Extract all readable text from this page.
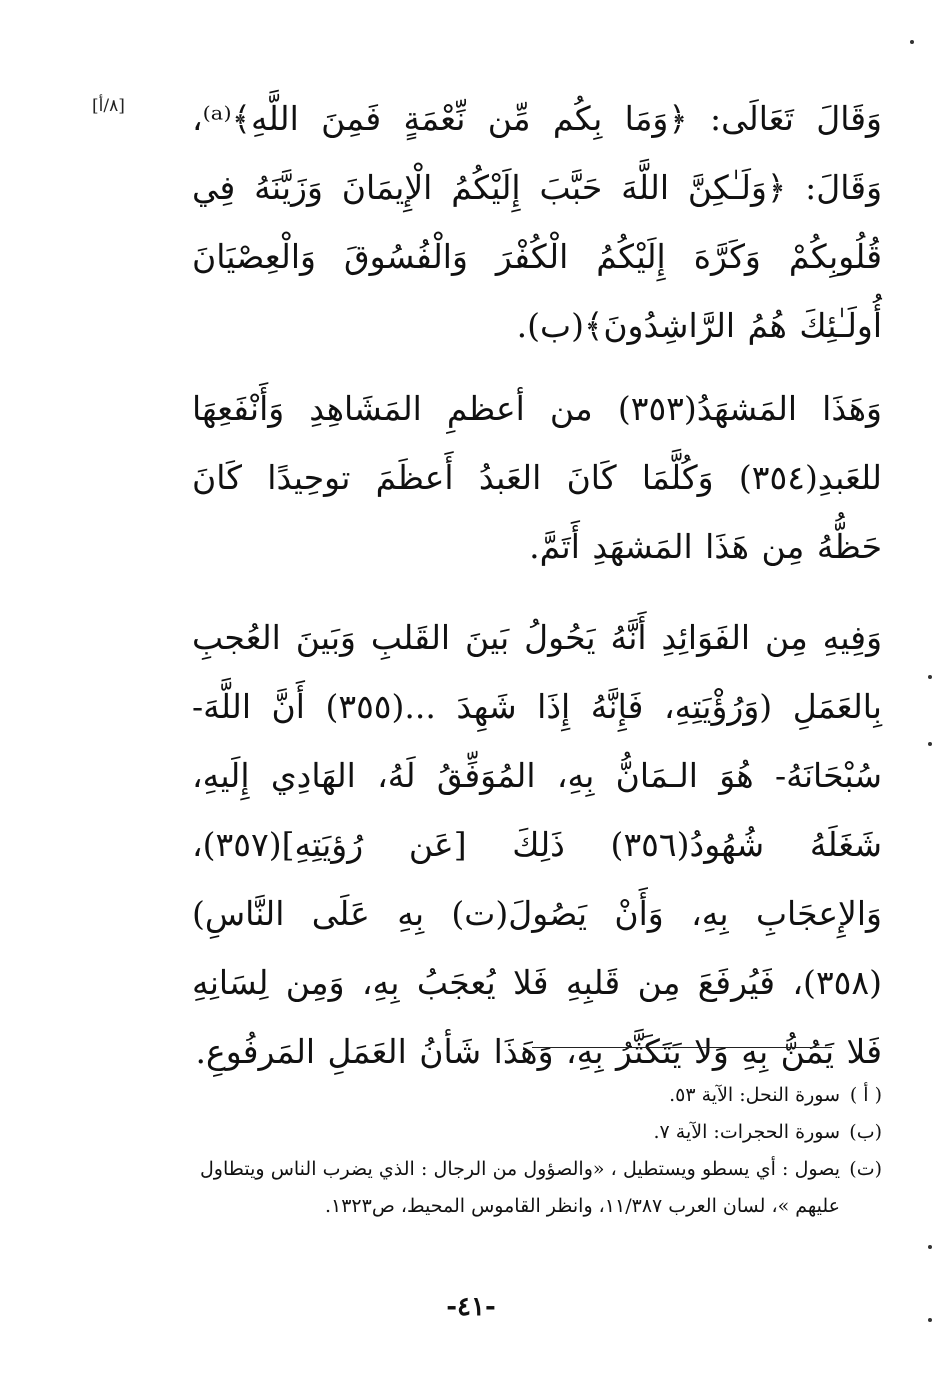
[٨/أ] وَقَالَ تَعَالَى: ﴿وَمَا بِكُم مِّن نِّعْمَةٍ فَمِنَ اللَّهِ﴾⁽ᵃ⁾، وَقَالَ: ﴿وَلَـٰكِنَّ اللَّهَ حَبَّبَ إِلَيْكُمُ الْإِيمَانَ وَزَيَّنَهُ فِي قُلُوبِكُمْ وَكَرَّهَ إِلَيْكُمُ الْكُفْرَ وَالْفُسُوقَ وَالْعِصْيَانَ أُولَـٰئِكَ هُمُ الرَّاشِدُونَ﴾(ب).

وَهَذَا المَشهَدُ(٣٥٣) من أعظمِ المَشَاهِدِ وَأَنْفَعِهَا للعَبدِ(٣٥٤) وَكُلَّمَا كَانَ العَبدُ أَعظَمَ توحِيدًا كَانَ حَظُّهُ مِن هَذَا المَشهَدِ أَتَمَّ.

وَفِيهِ مِن الفَوَائِدِ أَنَّهُ يَحُولُ بَينَ القَلبِ وَبَينَ العُجبِ بِالعَمَلِ (وَرُؤْيَتِهِ، فَإِنَّهُ إِذَا شَهِدَ ...(٣٥٥) أَنَّ اللَّهَ- سُبْحَانَهُ- هُوَ الـمَانُّ بِهِ، المُوَفِّقُ لَهُ، الهَادِي إِلَيهِ، شَغَلَهُ شُهُودُ(٣٥٦) ذَلِكَ [عَن رُؤيَتِهِ](٣٥٧)، وَالإِعجَابِ بِهِ، وَأَنْ يَصُولَ(ت) بِهِ عَلَى النَّاسِ)(٣٥٨)، فَيُرفَعَ مِن قَلبِهِ فَلا يُعجَبُ بِهِ، وَمِن لِسَانِهِ فَلا يَمُنُّ بِهِ وَلا يَتَكَثَّرُ بِهِ، وَهَذَا شَأنُ العَمَلِ المَرفُوعِ.

( أ )
سورة النحل: الآية ٥٣.
(ب)
سورة الحجرات: الآية ٧.
(ت)
يصول : أي يسطو ويستطيل ، «والصؤول من الرجال : الذي يضرب الناس ويتطاول عليهم »، لسان العرب ١١/٣٨٧، وانظر القاموس المحيط، ص١٣٢٣.
-٤١-
